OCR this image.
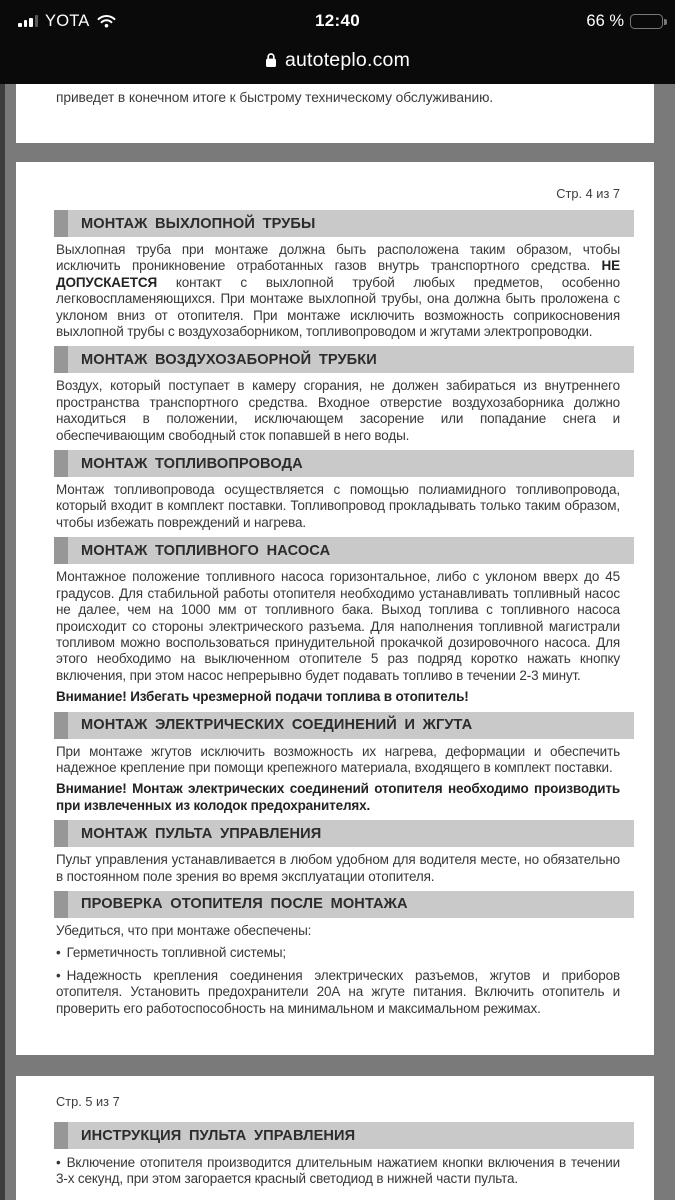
YOTA	12:40	66 %
autoteplo.com

приведет в конечном итоге к быстрому техническому обслуживанию.

Стр. 4 из 7
МОНТАЖ ВЫХЛОПНОЙ ТРУБЫ

Выхлопная труба при монтаже должна быть расположена таким образом, чтобы исключить проникновение отработанных газов внутрь транспортного средства. НЕ ДОПУСКАЕТСЯ контакт с выхлопной трубой любых предметов, особенно легковоспламеняющихся. При монтаже выхлопной трубы, она должна быть проложена с уклоном вниз от отопителя. При монтаже исключить возможность соприкосновения выхлопной трубы с воздухозаборником, топливопроводом и жгутами электропроводки.

МОНТАЖ ВОЗДУХОЗАБОРНОЙ ТРУБКИ

Воздух, который поступает в камеру сгорания, не должен забираться из внутреннего пространства транспортного средства. Входное отверстие воздухозаборника должно находиться в положении, исключающем засорение или попадание снега и обеспечивающим свободный сток попавшей в него воды.

МОНТАЖ ТОПЛИВОПРОВОДА

Монтаж топливопровода осуществляется с помощью полиамидного топливопровода, который входит в комплект поставки. Топливопровод прокладывать только таким образом, чтобы избежать повреждений и нагрева.

МОНТАЖ ТОПЛИВНОГО НАСОСА

Монтажное положение топливного насоса горизонтальное, либо с уклоном вверх до 45 градусов. Для стабильной работы отопителя необходимо устанавливать топливный насос не далее, чем на 1000 мм от топливного бака. Выход топлива с топливного насоса происходит со стороны электрического разъема. Для наполнения топливной магистрали топливом можно воспользоваться принудительной прокачкой дозировочного насоса. Для этого необходимо на выключенном отопителе 5 раз подряд коротко нажать кнопку включения, при этом насос непрерывно будет подавать топливо в течении 2-3 минут.

Внимание! Избегать чрезмерной подачи топлива в отопитель!

МОНТАЖ ЭЛЕКТРИЧЕСКИХ СОЕДИНЕНИЙ И ЖГУТА

При монтаже жгутов исключить возможность их нагрева, деформации и обеспечить надежное крепление при помощи крепежного материала, входящего в комплект поставки.

Внимание! Монтаж электрических соединений отопителя необходимо производить при извлеченных из колодок предохранителях.

МОНТАЖ ПУЛЬТА УПРАВЛЕНИЯ

Пульт управления устанавливается в любом удобном для водителя месте, но обязательно в постоянном поле зрения во время эксплуатации отопителя.

ПРОВЕРКА ОТОПИТЕЛЯ ПОСЛЕ МОНТАЖА

Убедиться, что при монтаже обеспечены:

• Герметичность топливной системы;

• Надежность крепления соединения электрических разъемов, жгутов и приборов отопителя. Установить предохранители 20А на жгуте питания. Включить отопитель и проверить его работоспособность на минимальном и максимальном режимах.

Стр. 5 из 7
ИНСТРУКЦИЯ ПУЛЬТА УПРАВЛЕНИЯ

• Включение отопителя производится длительным нажатием кнопки включения в течении 3-х секунд, при этом загорается красный светодиод в нижней части пульта.
